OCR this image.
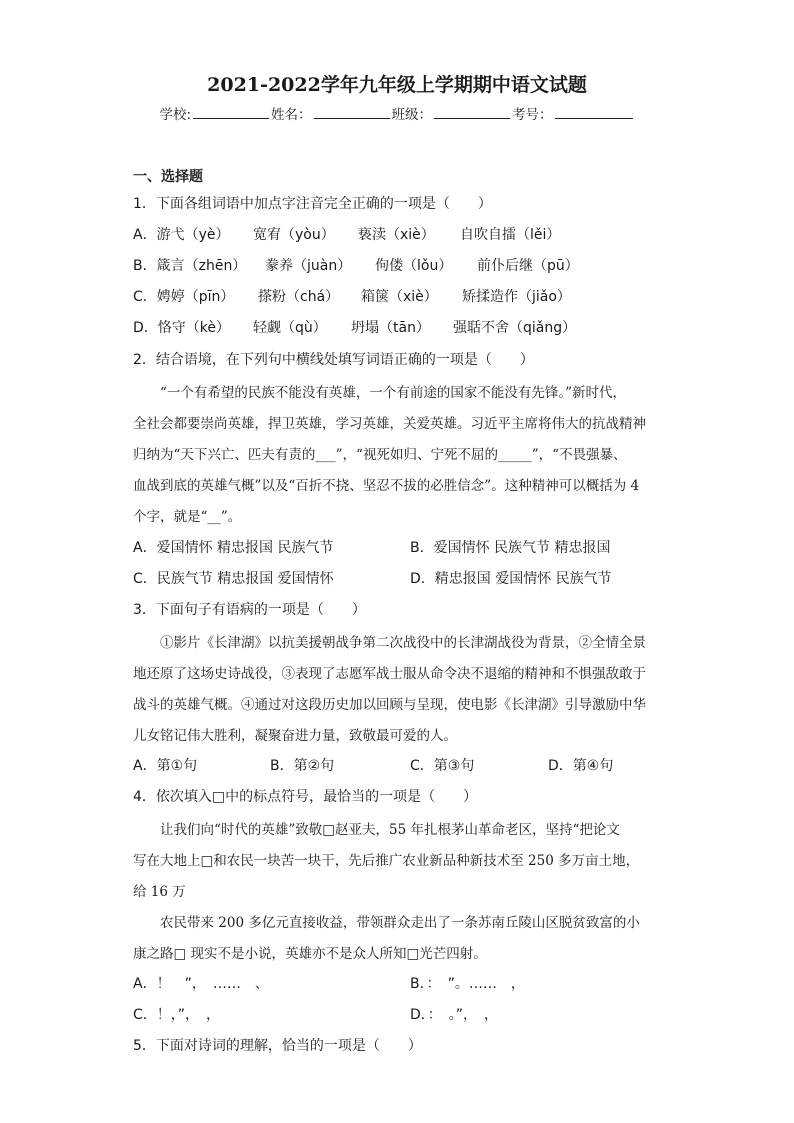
2021-2022学年九年级上学期期中语文试题
学校:	姓名：	班级：	考号：
一、选择题
1．下面各组词语中加点字注音完全正确的一项是（　　）
A．游弋（yè） 宽宥（yòu） 亵渎（xiè） 自吹自擂（lěi）
B．箴言（zhēn） 豢养（juàn） 佝偻（lǒu） 前仆后继（pū）
C．娉婷（pīn） 搽粉（chá） 箱箧（xiè） 矫揉造作（jiǎo）
D．恪守（kè） 轻觑（qù） 坍塌（tān） 强聒不舍（qiǎng）
2．结合语境，在下列句中横线处填写词语正确的一项是（　　）
“一个有希望的民族不能没有英雄，一个有前途的国家不能没有先锋。”新时代，
全社会都要崇尚英雄，捍卫英雄，学习英雄，关爱英雄。习近平主席将伟大的抗战精神
归纳为“天下兴亡、匹夫有责的___”，“视死如归、宁死不屈的_____”，“不畏强暴、
血战到底的英雄气概”以及“百折不挠、坚忍不拔的必胜信念”。这种精神可以概括为 4
个字，就是“__”。
A．爱国情怀 精忠报国 民族气节	B．爱国情怀 民族气节 精忠报国
C．民族气节 精忠报国 爱国情怀	D．精忠报国 爱国情怀 民族气节
3．下面句子有语病的一项是（　　）
①影片《长津湖》以抗美援朝战争第二次战役中的长津湖战役为背景，②全情全景
地还原了这场史诗战役，③表现了志愿军战士服从命令决不退缩的精神和不惧强敌敢于
战斗的英雄气概。④通过对这段历史加以回顾与呈现，使电影《长津湖》引导激励中华
儿女铭记伟大胜利，凝聚奋进力量，致敬最可爱的人。
A．第①句	B．第②句	C．第③句	D．第④句
4．依次填入□中的标点符号，最恰当的一项是（　　）
让我们向“时代的英雄”致敬□赵亚夫，55 年扎根茅山革命老区，坚持“把论文
写在大地上□和农民一块苦一块干，先后推广农业新品种新技术至 250 多万亩土地，
给 16 万
农民带来 200 多亿元直接收益，带领群众走出了一条苏南丘陵山区脱贫致富的小
康之路□ 现实不是小说，英雄亦不是众人所知□光芒四射。
A．！　”，　……　、	B．：　”。……　，
C．！，”，　，	D．：　。”，　，
5．下面对诗词的理解，恰当的一项是（　　）
